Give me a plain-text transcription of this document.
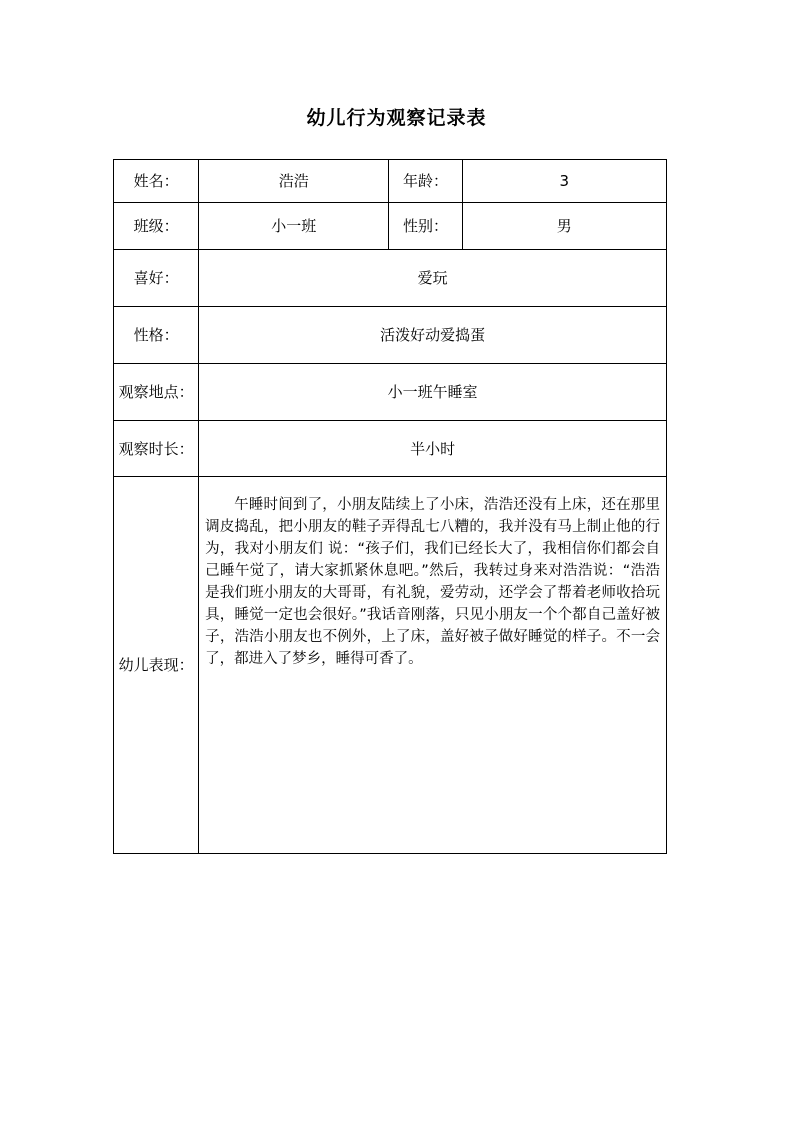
幼儿行为观察记录表
姓名：	浩浩	年龄：	3
班级：	小一班	性别：	男
喜好：	爱玩		
性格：	活泼好动爱捣蛋		
观察地点：	小一班午睡室		
观察时长：	半小时		
幼儿表现：	午睡时间到了，小朋友陆续上了小床，浩浩还没有上床，还在那里调皮捣乱，把小朋友的鞋子弄得乱七八糟的，我并没有马上制止他的行为，我对小朋友们 说：“孩子们，我们已经长大了，我相信你们都会自己睡午觉了，请大家抓紧休息吧。”然后，我转过身来对浩浩说：“浩浩是我们班小朋友的大哥哥，有礼貌，爱劳动，还学会了帮着老师收拾玩具，睡觉一定也会很好。”我话音刚落，只见小朋友一个个都自己盖好被子，浩浩小朋友也不例外，上了床，盖好被子做好睡觉的样子。不一会了，都进入了梦乡，睡得可香了。		
